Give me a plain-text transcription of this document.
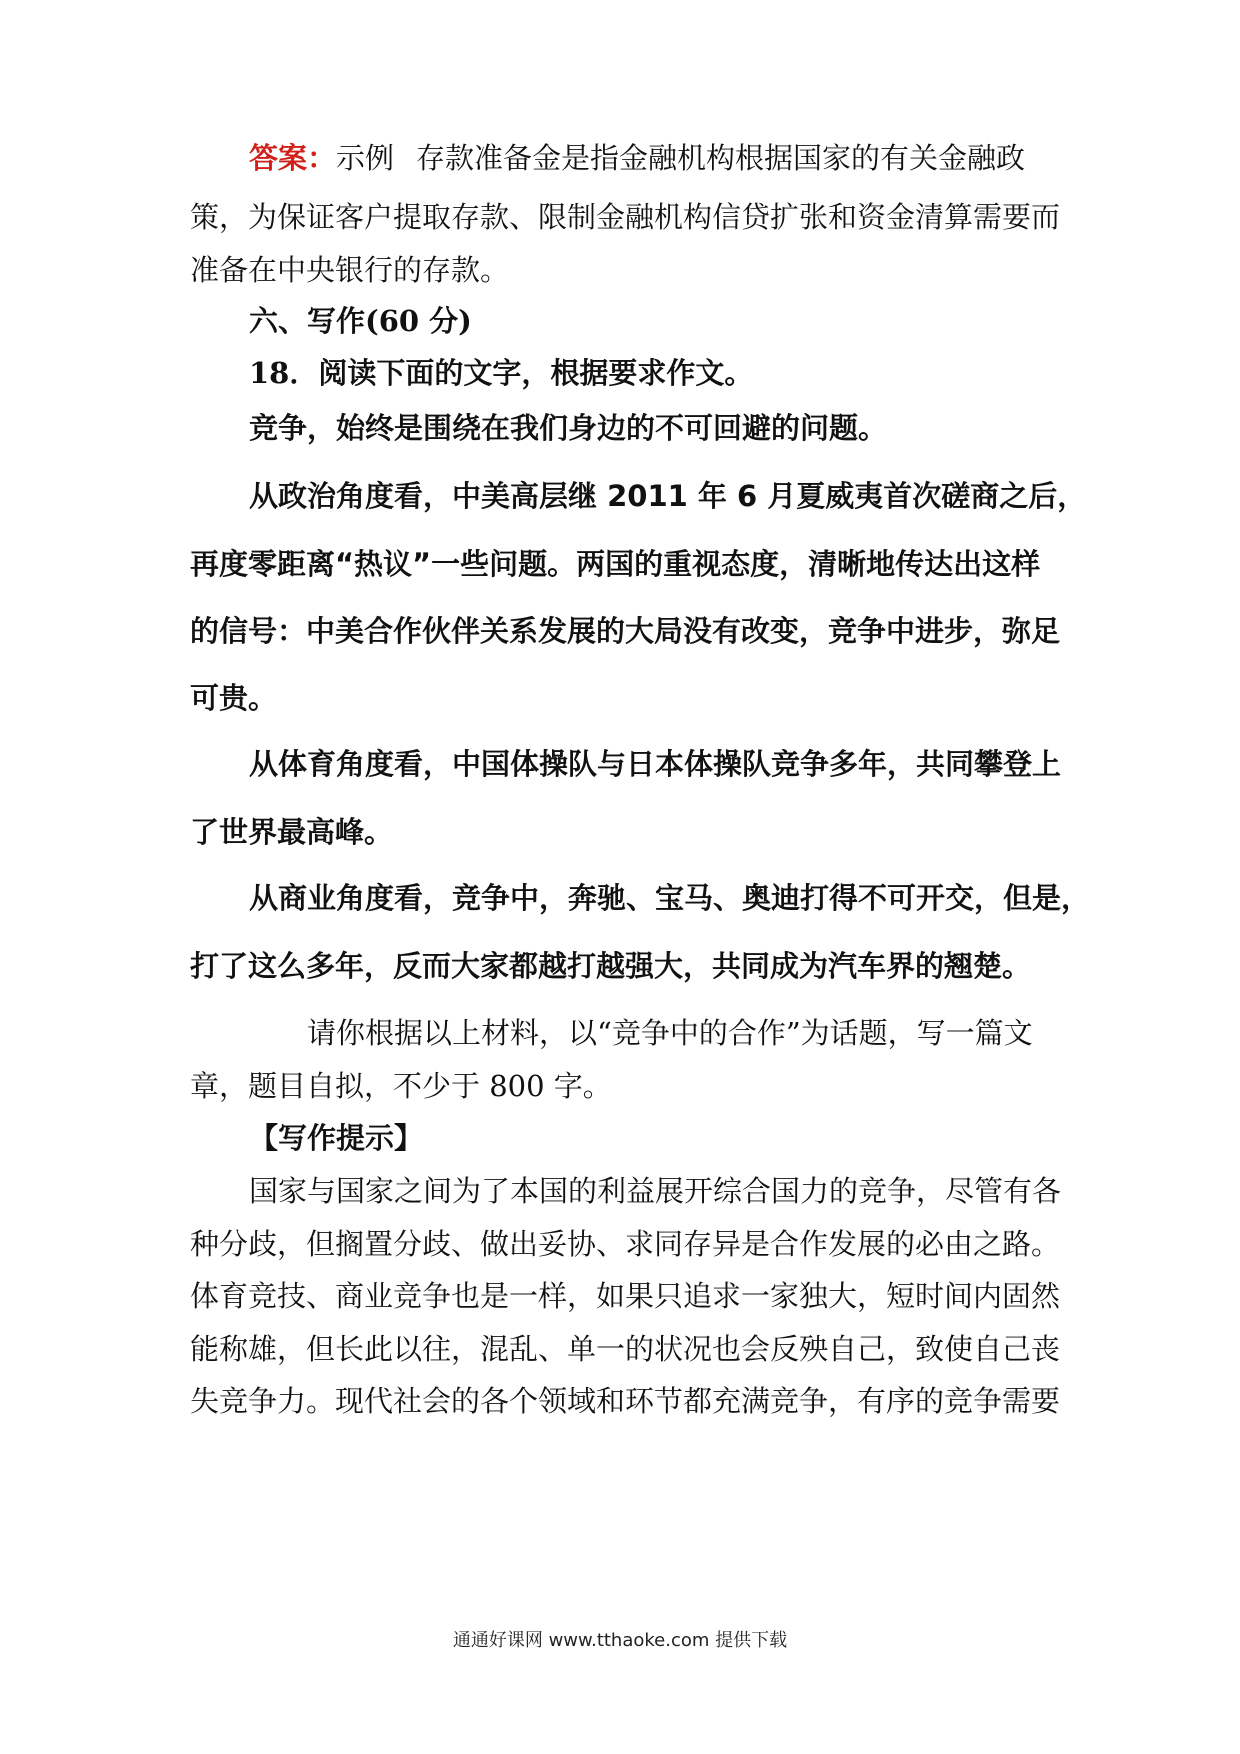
答案：示例 存款准备金是指金融机构根据国家的有关金融政
策，为保证客户提取存款、限制金融机构信贷扩张和资金清算需要而
准备在中央银行的存款。
六、写作(60 分)
18．阅读下面的文字，根据要求作文。
竞争，始终是围绕在我们身边的不可回避的问题。
从政治角度看，中美高层继 2011 年 6 月夏威夷首次磋商之后，
再度零距离“热议”一些问题。两国的重视态度，清晰地传达出这样
的信号：中美合作伙伴关系发展的大局没有改变，竞争中进步，弥足
可贵。
从体育角度看，中国体操队与日本体操队竞争多年，共同攀登上
了世界最高峰。
从商业角度看，竞争中，奔驰、宝马、奥迪打得不可开交，但是，
打了这么多年，反而大家都越打越强大，共同成为汽车界的翘楚。
请你根据以上材料，以“竞争中的合作”为话题，写一篇文
章，题目自拟，不少于 800 字。
【写作提示】
国家与国家之间为了本国的利益展开综合国力的竞争，尽管有各
种分歧，但搁置分歧、做出妥协、求同存异是合作发展的必由之路。
体育竞技、商业竞争也是一样，如果只追求一家独大，短时间内固然
能称雄，但长此以往，混乱、单一的状况也会反殃自己，致使自己丧
失竞争力。现代社会的各个领域和环节都充满竞争，有序的竞争需要
通通好课网 www.tthaoke.com 提供下载
